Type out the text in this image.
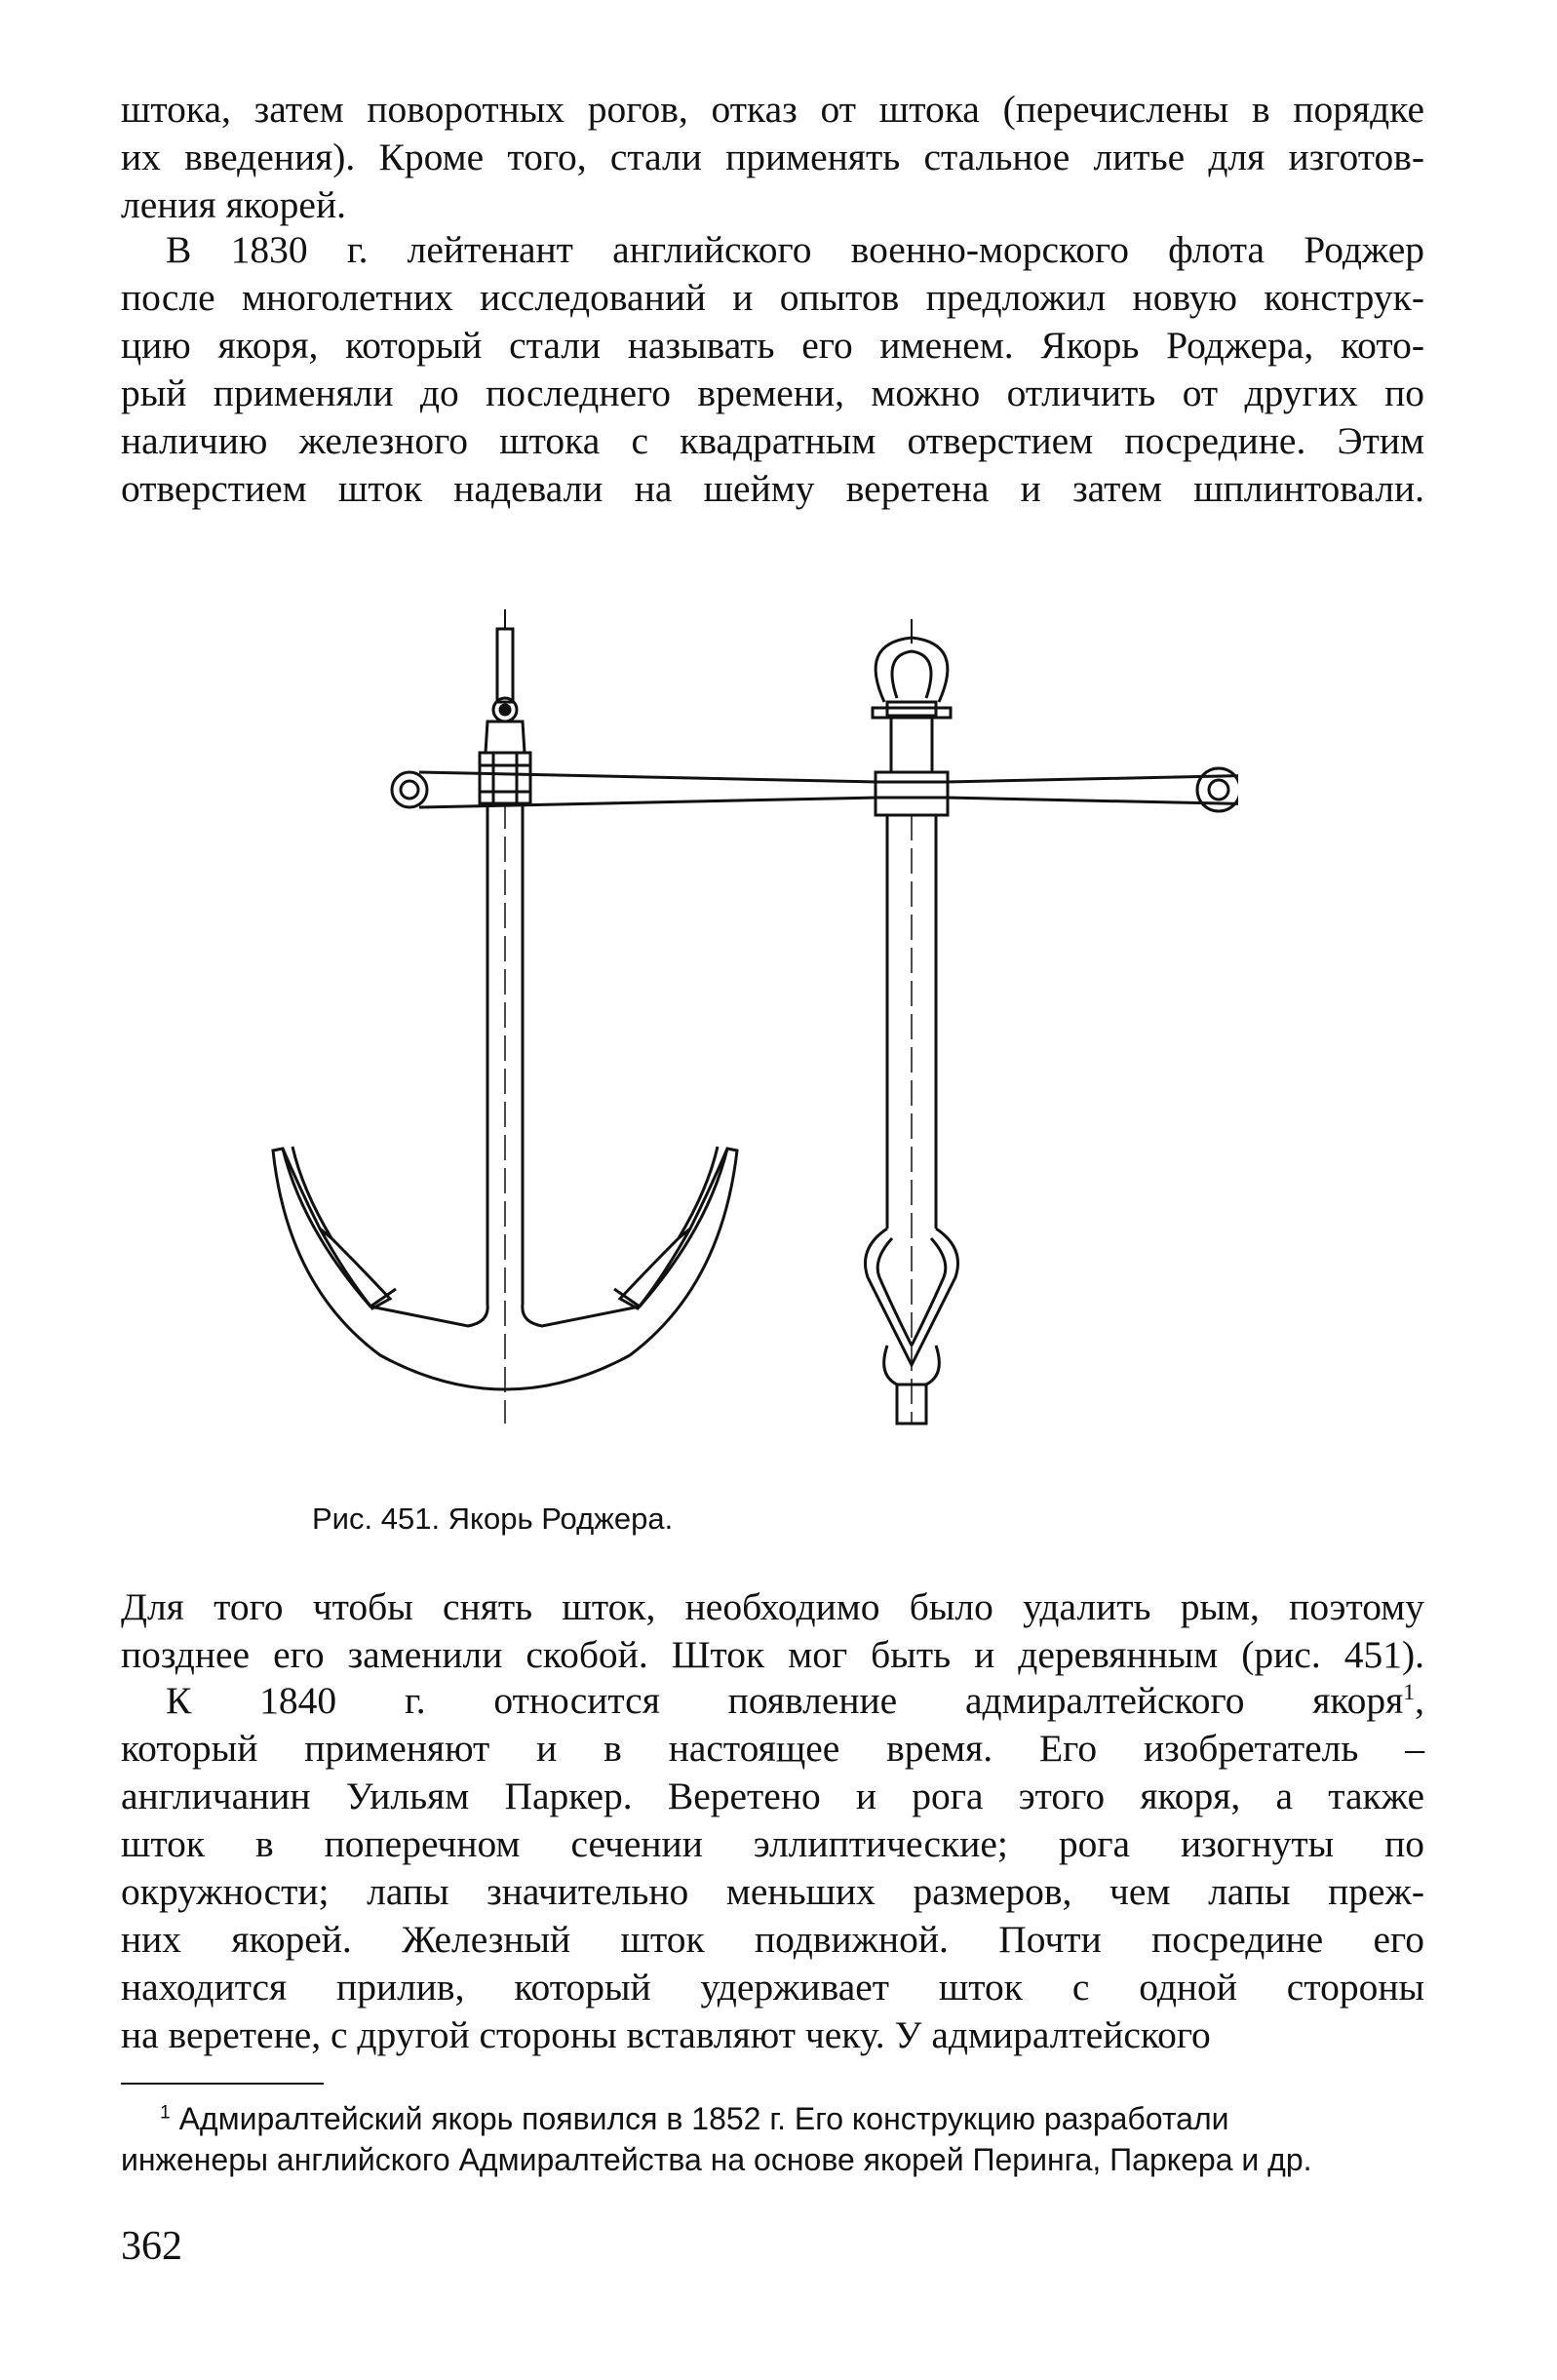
штока, затем поворотных рогов, отказ от штока (перечислены в порядке
их введения). Кроме того, стали применять стальное литье для изготов-
ления якорей.
В 1830 г. лейтенант английского военно-морского флота Роджер
после многолетних исследований и опытов предложил новую конструк-
цию якоря, который стали называть его именем. Якорь Роджера, кото-
рый применяли до последнего времени, можно отличить от других по
наличию железного штока с квадратным отверстием посредине. Этим
отверстием шток надевали на шейму веретена и затем шплинтовали.
Рис. 451. Якорь Роджера.
Для того чтобы снять шток, необходимо было удалить рым, поэтому
позднее его заменили скобой. Шток мог быть и деревянным (рис. 451).
К 1840 г. относится появление адмиралтейского якоря$^1$,
который применяют и в настоящее время. Его изобретатель –
англичанин Уильям Паркер. Веретено и рога этого якоря, а также
шток в поперечном сечении эллиптические; рога изогнуты по
окружности; лапы значительно меньших размеров, чем лапы преж-
них якорей. Железный шток подвижной. Почти посредине его
находится прилив, который удерживает шток с одной стороны
на веретене, с другой стороны вставляют чеку. У адмиралтейского
$^1$ Адмиралтейский якорь появился в 1852 г. Его конструкцию разработали
инженеры английского Адмиралтейства на основе якорей Перинга, Паркера и др.
362
